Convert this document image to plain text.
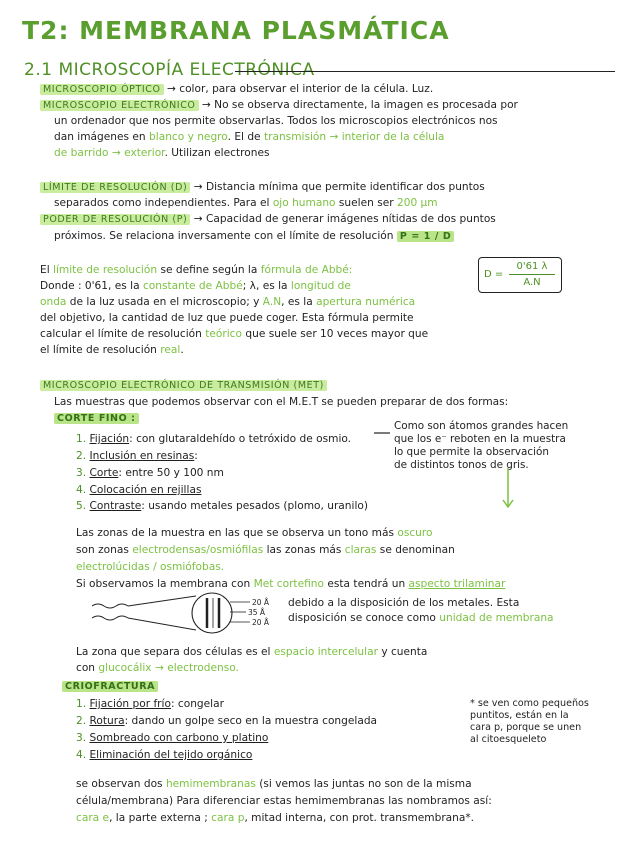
T2: MEMBRANA PLASMÁTICA
2.1 MICROSCOPÍA ELECTRÓNICA
MICROSCOPIO ÓPTICO → color, para observar el interior de la célula. Luz.
MICROSCOPIO ELECTRÓNICO → No se observa directamente, la imagen es procesada por
un ordenador que nos permite observarlas. Todos los microscopios electrónicos nos
dan imágenes en blanco y negro. El de transmisión → interior de la célula
de barrido → exterior. Utilizan electrones
LÍMITE DE RESOLUCIÓN (D) → Distancia mínima que permite identificar dos puntos
separados como independientes. Para el ojo humano suelen ser 200 μm
PODER DE RESOLUCIÓN (P) → Capacidad de generar imágenes nítidas de dos puntos
próximos. Se relaciona inversamente con el límite de resolución P = 1 / D
El límite de resolución se define según la fórmula de Abbé:	D =
0'61 λ
A.N
Donde : 0'61, es la constante de Abbé; λ, es la longitud de
onda de la luz usada en el microscopio; y A.N, es la apertura numérica
del objetivo, la cantidad de luz que puede coger. Esta fórmula permite
calcular el límite de resolución teórico que suele ser 10 veces mayor que
el límite de resolución real.
MICROSCOPIO ELECTRÓNICO DE TRANSMISIÓN (MET)
Las muestras que podemos observar con el M.E.T se pueden preparar de dos formas:
CORTE FINO :
1. Fijación: con glutaraldehído o tetróxido de osmio.
2. Inclusión en resinas:
3. Corte: entre 50 y 100 nm
4. Colocación en rejillas
5. Contraste: usando metales pesados (plomo, uranilo)
Como son átomos grandes hacen
que los e⁻ reboten en la muestra
lo que permite la observación
de distintos tonos de gris.
Las zonas de la muestra en las que se observa un tono más oscuro
son zonas electrodensas/osmiófilas las zonas más claras se denominan
electrolúcidas / osmiófobas.
Si observamos la membrana con Met cortefino esta tendrá un aspecto trilaminar
debido a la disposición de los metales. Esta
disposición se conoce como unidad de membrana
20 Å
35 Å
20 Å
La zona que separa dos células es el espacio intercelular y cuenta
con glucocálix → electrodenso.
CRIOFRACTURA
1. Fijación por frío: congelar
2. Rotura: dando un golpe seco en la muestra congelada
3. Sombreado con carbono y platino
4. Eliminación del tejido orgánico
* se ven como pequeños
puntitos, están en la
cara p, porque se unen
al citoesqueleto
se observan dos hemimembranas (si vemos las juntas no son de la misma
célula/membrana) Para diferenciar estas hemimembranas las nombramos así:
cara e, la parte externa ; cara p, mitad interna, con prot. transmembrana*.
